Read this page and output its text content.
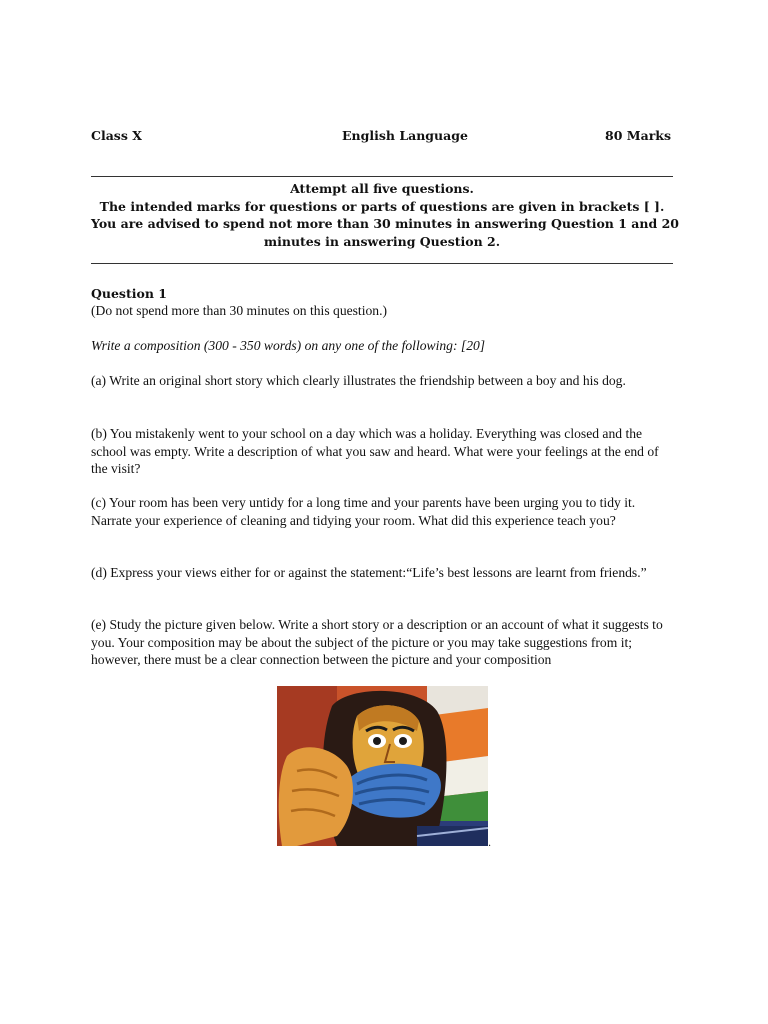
Class X	English Language	80 Marks
Attempt all five questions.
The intended marks for questions or parts of questions are given in brackets [ ].
You are advised to spend not more than 30 minutes in answering Question 1 and 20
minutes in answering Question 2.
Question 1
(Do not spend more than 30 minutes on this question.)
Write a composition (300 - 350 words) on any one of the following: [20]
(a) Write an original short story which clearly illustrates the friendship between a boy and his dog.
(b) You mistakenly went to your school on a day which was a holiday. Everything was closed and the school was empty. Write a description of what you saw and heard. What were your feelings at the end of the visit?
(c) Your room has been very untidy for a long time and your parents have been urging you to tidy it. Narrate your experience of cleaning and tidying your room. What did this experience teach you?
(d) Express your views either for or against the statement:“Life’s best lessons are learnt from friends.”
(e) Study the picture given below. Write a short story or a description or an account of what it suggests to you. Your composition may be about the subject of the picture or you may take suggestions from it; however, there must be a clear connection between the picture and your composition
.
